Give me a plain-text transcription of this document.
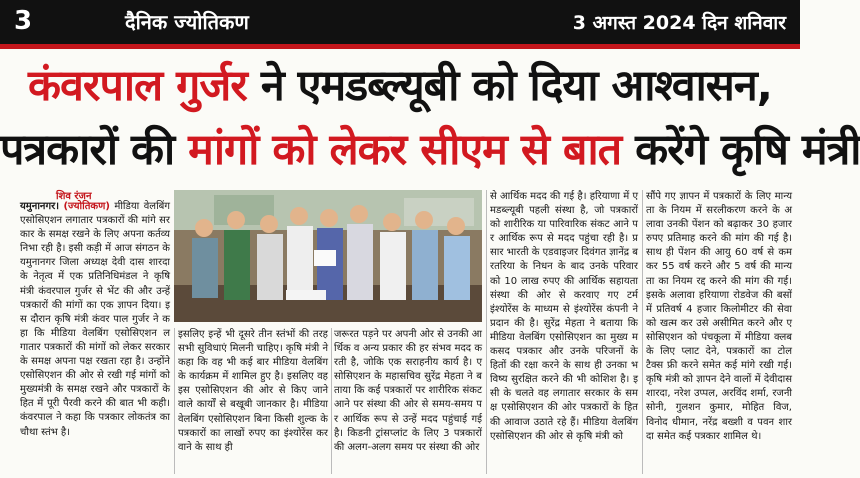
3	दैनिक ज्योतिकण	3 अगस्त 2024 दिन शनिवार
कंवरपाल गुर्जर ने एमडब्ल्यूबी को दिया आश्वासन,
पत्रकारों की मांगों को लेकर सीएम से बात करेंगे कृषि मंत्री
शिव रंजन
यमुनानगर। (ज्योतिकण) मीडिया वेलबिंग एसोसिएशन लगातार पत्रकारों की मांगे सरकार के समक्ष रखने के लिए अपना कर्तव्य निभा रही है। इसी कड़ी में आज संगठन के यमुनानगर जिला अध्यक्ष देवी दास शारदा के नेतृत्व में एक प्रतिनिधिमंडल ने कृषि मंत्री कंवरपाल गुर्जर से भेंट की और उन्हें पत्रकारों की मांगों का एक ज्ञापन दिया। इस दौरान कृषि मंत्री कंवर पाल गुर्जर ने कहा कि मीडिया वेलबिंग एसोसिएशन लगातार पत्रकारों की मांगों को लेकर सरकार के समक्ष अपना पक्ष रखता रहा है। उन्होंने एसोसिएशन की ओर से रखी गई मांगों को मुख्यमंत्री के समक्ष रखने और पत्रकारों के हित में पूरी पैरवी करने की बात भी कही। कंवरपाल ने कहा कि पत्रकार लोकतंत्र का चौथा स्तंभ है।
इसलिए इन्हें भी दूसरे तीन स्तंभों की तरह सभी सुविधाएं मिलनी चाहिए। कृषि मंत्री ने कहा कि वह भी कई बार मीडिया वेलबिंग के कार्यक्रम में शामिल हुए है। इसलिए वह इस एसोसिएशन की ओर से किए जाने वाले कार्यों से बखूबी जानकार है। मीडिया वेलबिंग एसोसिएशन बिना किसी शुल्क के पत्रकारों का लाखों रुपए का इंश्योरेंस करवाने के साथ ही
जरूरत पड़ने पर अपनी ओर से उनकी आर्थिक व अन्य प्रकार की हर संभव मदद करती है, जोकि एक सराहनीय कार्य है। एसोसिएशन के महासचिव सुरेंद्र मेहता ने बताया कि कई पत्रकारों पर शारीरिक संकट आने पर संस्था की ओर से समय-समय पर आर्थिक रूप से उन्हें मदद पहुंचाई गई है। किडनी ट्रांसप्लांट के लिए 3 पत्रकारों की अलग-अलग समय पर संस्था की ओर
से आर्थिक मदद की गई है। हरियाणा में एमडब्ल्यूबी पहली संस्था है, जो पत्रकारों को शारीरिक या पारिवारिक संकट आने पर आर्थिक रूप से मदद पहुंचा रही है। प्रसार भारती के एडवाइजर दिवंगत ज्ञानेंद्र बरतरिया के निधन के बाद उनके परिवार को 10 लाख रुपए की आर्थिक सहायता संस्था की ओर से करवाए गए टर्म इंश्योरेंस के माध्यम से इंश्योरेंस कंपनी ने प्रदान की है। सुरेंद्र मेहता ने बताया कि मीडिया वेलबिंग एसोसिएशन का मुख्य मकसद पत्रकार और उनके परिजनों के हितों की रक्षा करने के साथ ही उनका भविष्य सुरक्षित करने की भी कोशिश है। इसी के चलते वह लगातार सरकार के समक्ष एसोसिएशन की ओर पत्रकारों के हित की आवाज उठाते रहे हैं। मीडिया वेलबिंग एसोसिएशन की ओर से कृषि मंत्री को
सौंपे गए ज्ञापन में पत्रकारों के लिए मान्यता के नियम में सरलीकरण करने के अलावा उनकी पेंशन को बढ़ाकर 30 हजार रुपए प्रतिमाह करने की मांग की गई है। साथ ही पेंशन की आयु 60 वर्ष से कम कर 55 वर्ष करने और 5 वर्ष की मान्यता का नियम रद्द करने की मांग की गई। इसके अलावा हरियाणा रोडवेज की बसों में प्रतिवर्ष 4 हजार किलोमीटर की सेवा को खत्म कर उसे असीमित करने और एसोसिएशन को पंचकूला में मीडिया क्लब के लिए प्लाट देने, पत्रकारों का टोल टैक्स फ्री करने समेत कई मांगे रखी गई। कृषि मंत्री को ज्ञापन देने वालों में देवीदास शारदा, नरेश उप्पल, अरविंद शर्मा, रजनी सोनी, गुलशन कुमार, मोहित विज, विनोद धीमान, नरेंद्र बख्शी व पवन शारदा समेत कई पत्रकार शामिल थे।
